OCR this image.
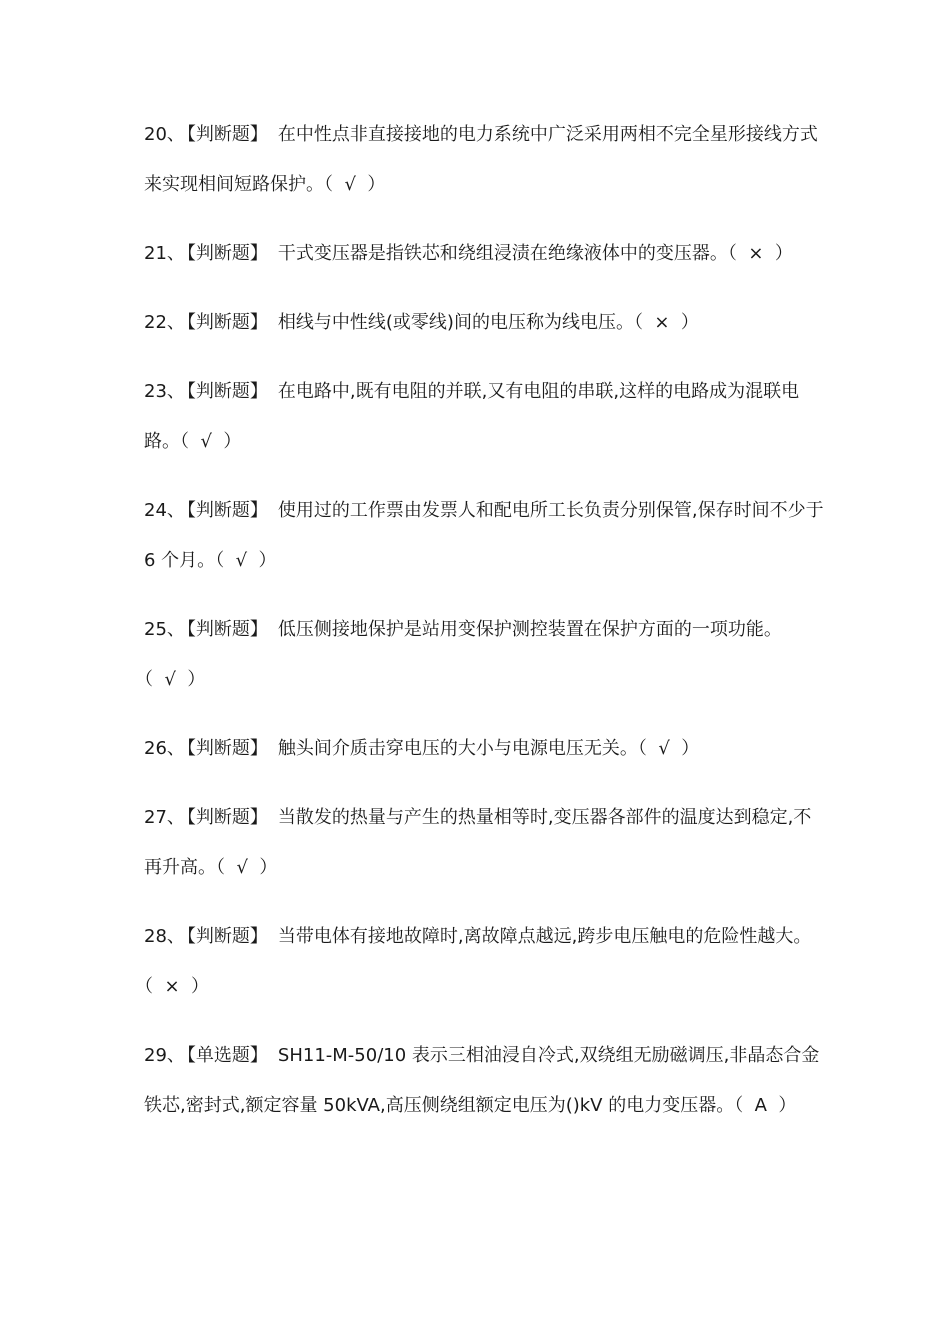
20、 【判断题】 在中性点非直接接地的电力系统中广泛采用两相不完全星形接线方式来实现相间短路保护。（  √  ）

21、 【判断题】 干式变压器是指铁芯和绕组浸渍在绝缘液体中的变压器。（  ×  ）

22、 【判断题】 相线与中性线(或零线)间的电压称为线电压。（  ×  ）

23、 【判断题】 在电路中,既有电阻的并联,又有电阻的串联,这样的电路成为混联电路。（  √  ）

24、 【判断题】 使用过的工作票由发票人和配电所工长负责分别保管,保存时间不少于 6 个月。（  √  ）

25、 【判断题】 低压侧接地保护是站用变保护测控装置在保护方面的一项功能。（  √  ）

26、 【判断题】 触头间介质击穿电压的大小与电源电压无关。（  √  ）

27、 【判断题】 当散发的热量与产生的热量相等时,变压器各部件的温度达到稳定,不再升高。（  √  ）

28、 【判断题】 当带电体有接地故障时,离故障点越远,跨步电压触电的危险性越大。（  ×  ）

29、 【单选题】 SH11-M-50/10 表示三相油浸自冷式,双绕组无励磁调压,非晶态合金铁芯,密封式,额定容量 50kVA,高压侧绕组额定电压为()kV 的电力变压器。（  A  ）
